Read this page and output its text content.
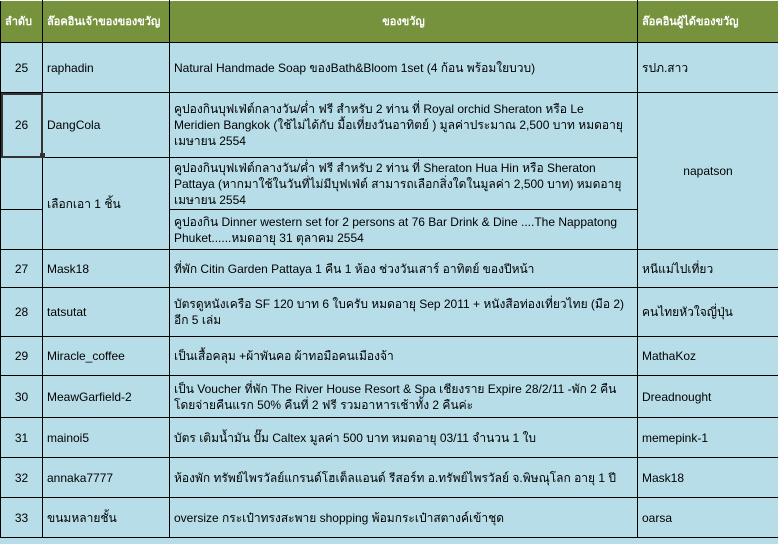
ลำดับ	ล๊อคอินเจ้าของของขวัญ	ของขวัญ	ล๊อคอินผู้ได้ของขวัญ
25	raphadin	Natural Handmade Soap ของBath&Bloom 1set (4 ก้อน พร้อมใยบวบ)	รปภ.สาว
26	DangCola	คูปองกินบุฟเฟ่ต์กลางวัน/ค่ำ ฟรี สำหรับ 2 ท่าน ที่ Royal orchid Sheraton หรือ Le Meridien Bangkok (ใช้ไม่ได้กับ มื้อเที่ยงวันอาทิตย์ ) มูลค่าประมาณ 2,500 บาท หมดอายุ เมษายน 2554	napatson
	เลือกเอา 1 ชิ้น	คูปองกินบุฟเฟ่ต์กลางวัน/ค่ำ ฟรี สำหรับ 2 ท่าน ที่ Sheraton Hua Hin หรือ Sheraton Pattaya (หากมาใช้ในวันที่ไม่มีบุฟเฟ่ต์ สามารถเลือกสิ่งใดในมูลค่า 2,500 บาท) หมดอายุ เมษายน 2554	
		คูปองกิน Dinner western set for 2 persons at 76 Bar Drink & Dine ....The Nappatong Phuket......หมดอายุ 31 ตุลาคม 2554	
27	Mask18	ที่พัก Citin Garden Pattaya 1 คืน 1 ห้อง ช่วงวันเสาร์ อาทิตย์ ของปีหน้า	หนีแม่ไปเที่ยว
28	tatsutat	บัตรดูหนังเครือ SF 120 บาท 6 ใบครับ หมดอายุ Sep 2011 + หนังสือท่องเที่ยวไทย (มือ 2) อีก 5 เล่ม	คนไทยหัวใจญี่ปุ่น
29	Miracle_coffee	เป็นเสื้อคลุม +ผ้าพันคอ ผ้าทอมือคนเมืองจ้า	MathaKoz
30	MeawGarfield-2	เป็น Voucher ที่พัก The River House Resort & Spa เชียงราย Expire 28/2/11 -พัก 2 คืน โดยจ่ายคืนแรก 50% คืนที่ 2 ฟรี รวมอาหารเช้าทั้ง 2 คืนค่ะ	Dreadnought
31	mainoi5	บัตร เติมน้ำมัน ปั๊ม Caltex มูลค่า 500 บาท หมดอายุ 03/11 จำนวน 1 ใบ	memepink-1
32	annaka7777	ห้องพัก ทรัพย์ไพรวัลย์แกรนด์โฮเต็ลแอนด์ รีสอร์ท อ.ทรัพย์ไพรวัลย์ จ.พิษณุโลก อายุ 1 ปี	Mask18
33	ขนมหลายชั้น	oversize กระเป๋าทรงสะพาย shopping พ้อมกระเป๋าสตางค์เข้าชุด	oarsa
